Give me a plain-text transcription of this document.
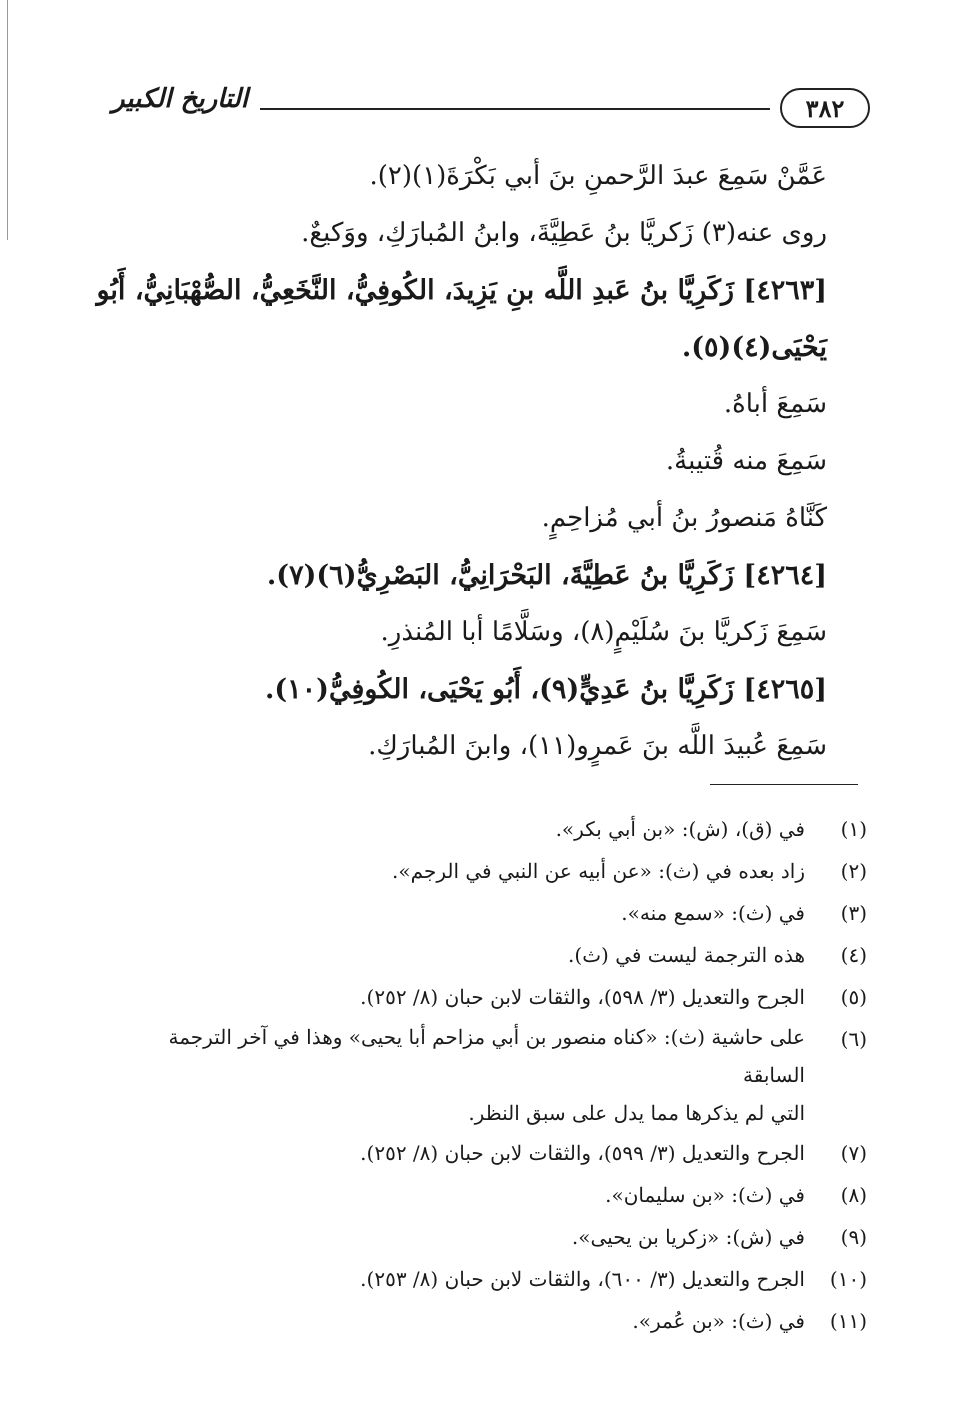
٣٨٢
التاريخ الكبير
عَمَّنْ سَمِعَ عبدَ الرَّحمنِ بنَ أبي بَكْرَةَ(١)(٢).
روى عنه(٣) زَكريَّا بنُ عَطِيَّةَ، وابنُ المُبارَكِ، ووَكيعٌ.
[٤٢٦٣] زَكَرِيَّا بنُ عَبدِ اللَّه بنِ يَزِيدَ، الكُوفِيُّ، النَّخَعِيُّ، الصُّهْبَانِيُّ، أَبُو
يَحْيَى(٤)(٥).
سَمِعَ أباهُ.
سَمِعَ منه قُتيبةُ.
كَنَّاهُ مَنصورُ بنُ أبي مُزاحِمٍ.
[٤٢٦٤] زَكَرِيَّا بنُ عَطِيَّةَ، البَحْرَانِيُّ، البَصْرِيُّ(٦)(٧).
سَمِعَ زَكريَّا بنَ سُلَيْمٍ(٨)، وسَلَّامًا أبا المُنذرِ.
[٤٢٦٥] زَكَرِيَّا بنُ عَدِيٍّ(٩)، أَبُو يَحْيَى، الكُوفِيُّ(١٠).
سَمِعَ عُبيدَ اللَّه بنَ عَمرٍو(١١)، وابنَ المُبارَكِ.
(١)
في (ق)، (ش): «بن أبي بكر».
(٢)
زاد بعده في (ث): «عن أبيه عن النبي في الرجم».
(٣)
في (ث): «سمع منه».
(٤)
هذه الترجمة ليست في (ث).
(٥)
الجرح والتعديل (٣/ ٥٩٨)، والثقات لابن حبان (٨/ ٢٥٢).
(٦)
على حاشية (ث): «كناه منصور بن أبي مزاحم أبا يحيى» وهذا في آخر الترجمة السابقة
التي لم يذكرها مما يدل على سبق النظر.
(٧)
الجرح والتعديل (٣/ ٥٩٩)، والثقات لابن حبان (٨/ ٢٥٢).
(٨)
في (ث): «بن سليمان».
(٩)
في (ش): «زكريا بن يحيى».
(١٠)
الجرح والتعديل (٣/ ٦٠٠)، والثقات لابن حبان (٨/ ٢٥٣).
(١١)
في (ث): «بن عُمر».
